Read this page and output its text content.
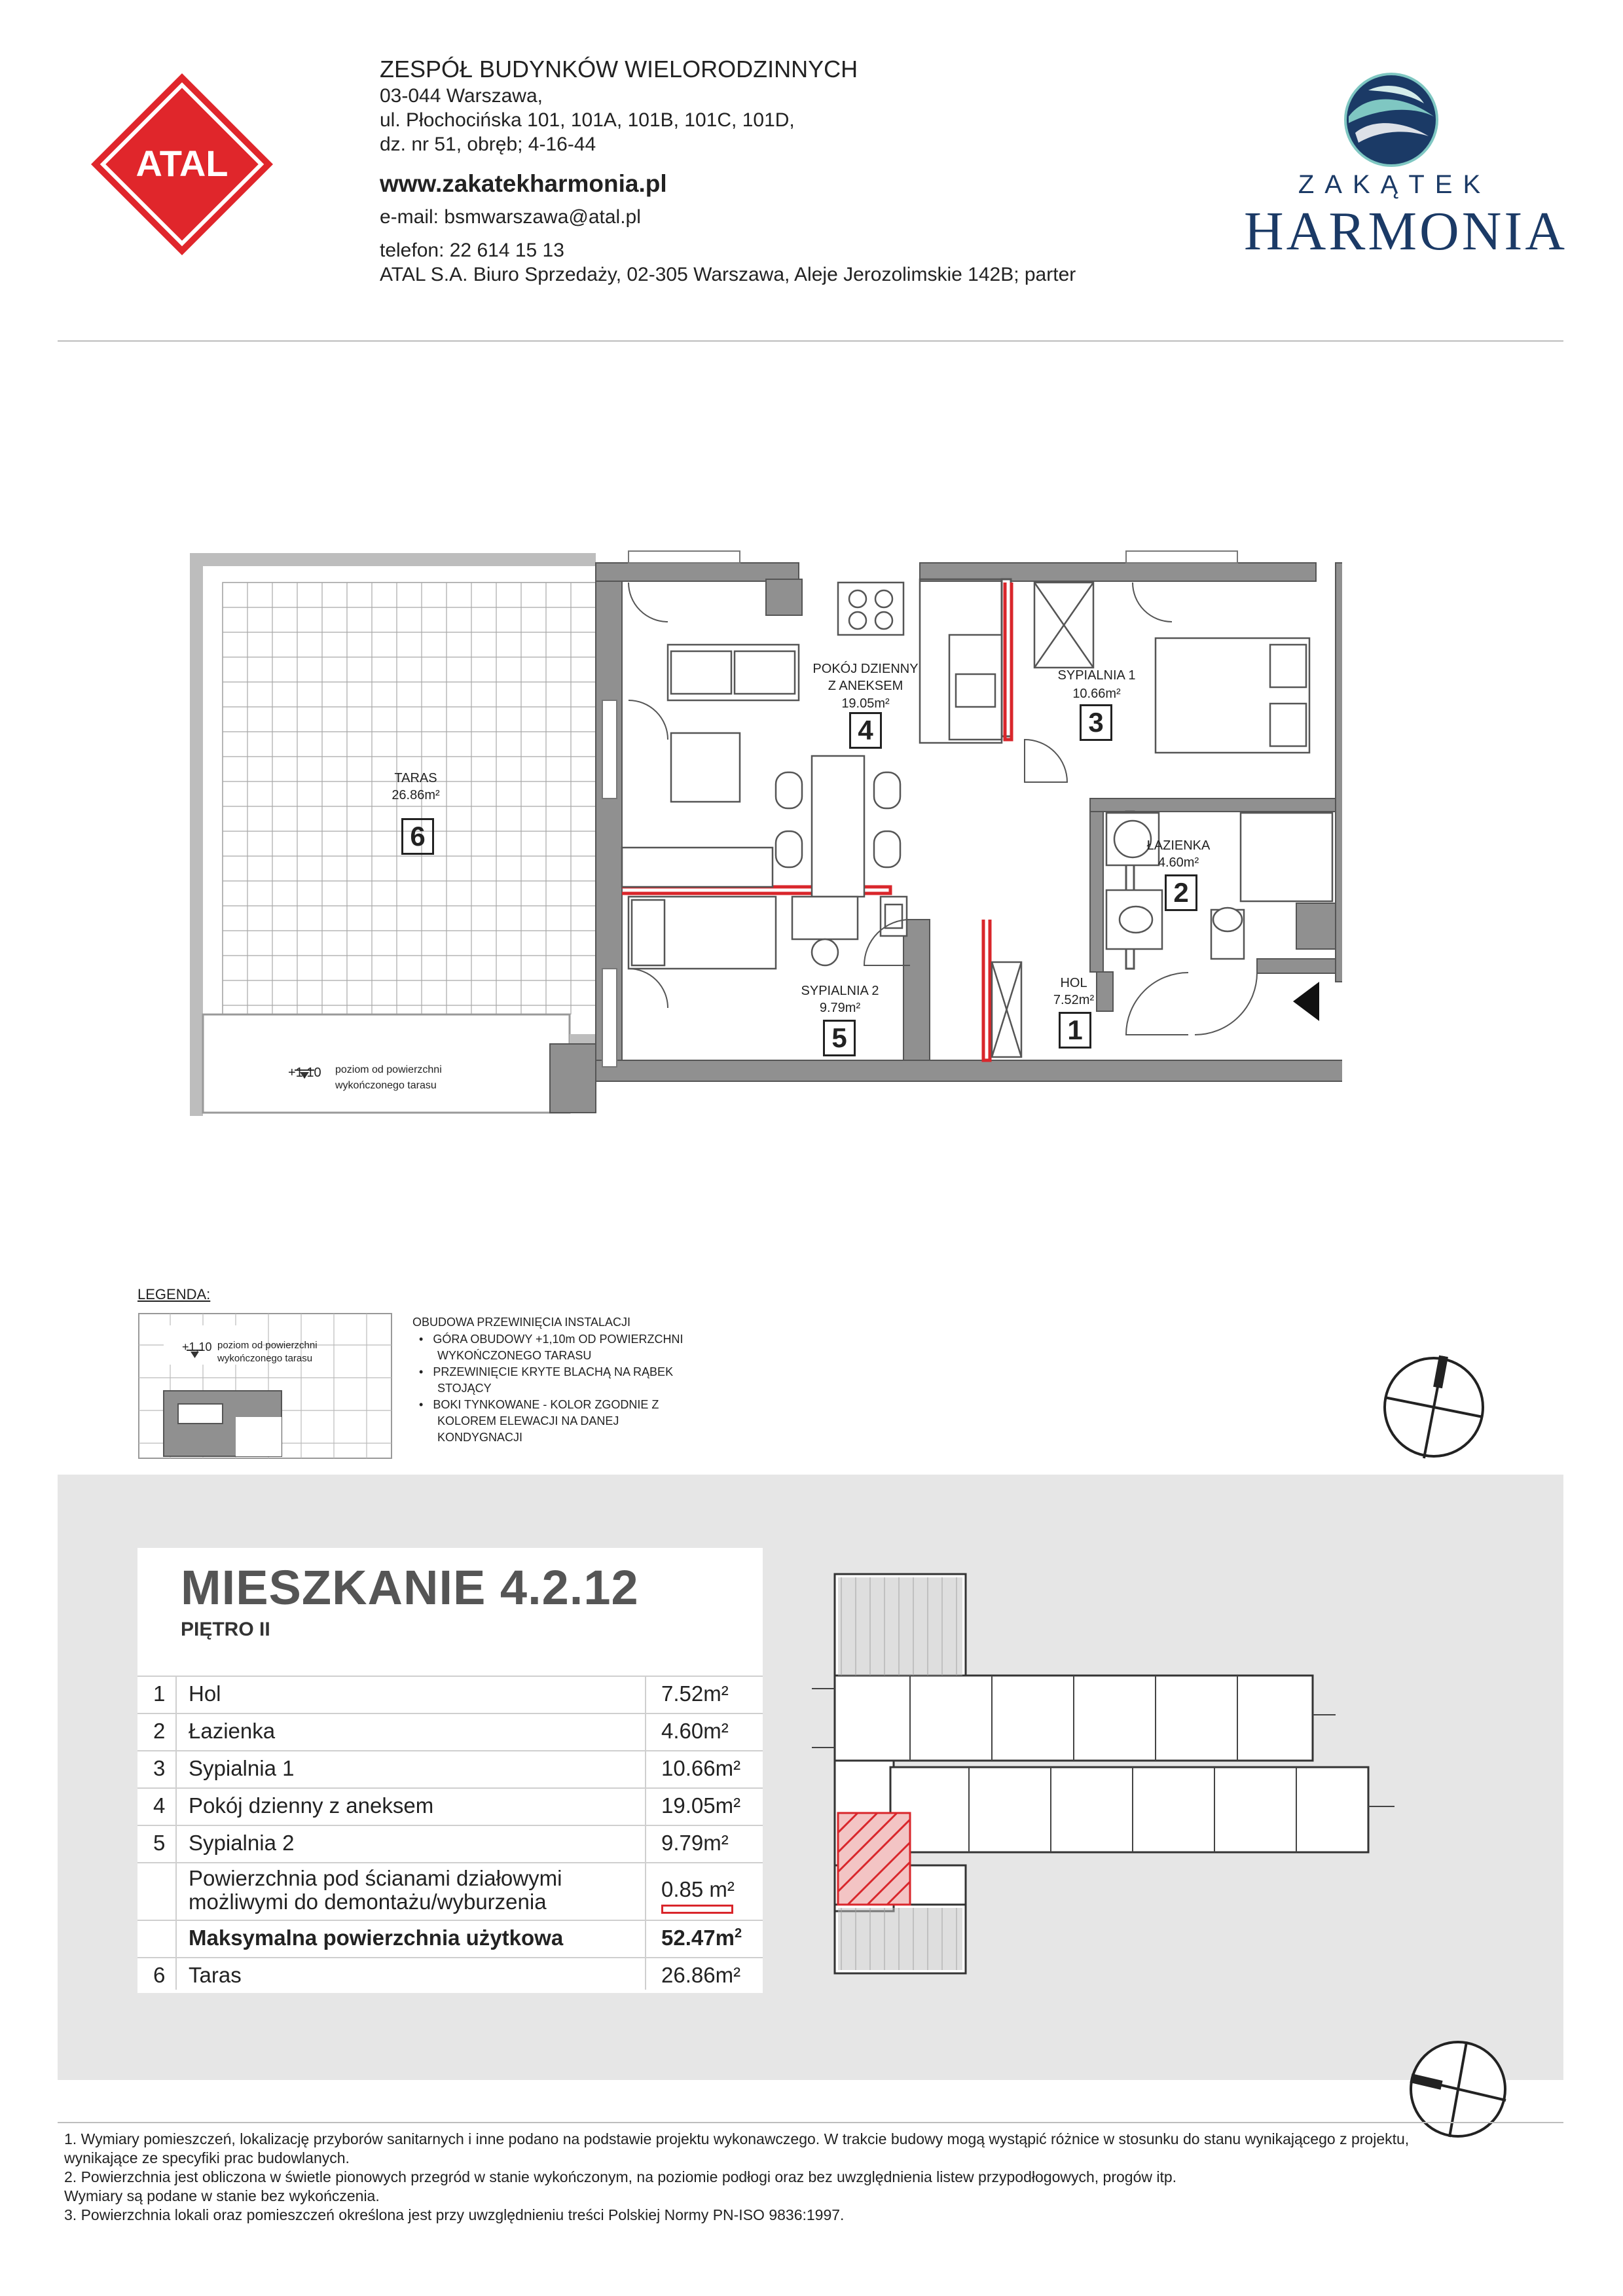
ATAL
ZESPÓŁ BUDYNKÓW WIELORODZINNYCH
03-044 Warszawa,
ul. Płochocińska 101, 101A, 101B, 101C, 101D,
dz. nr 51, obręb; 4-16-44
www.zakatekharmonia.pl
e-mail: bsmwarszawa@atal.pl
telefon: 22 614 15 13
ATAL S.A. Biuro Sprzedaży, 02-305 Warszawa, Aleje Jerozolimskie 142B; parter
ZAKĄTEK
HARMONIA
POKÓJ DZIENNY
Z ANEKSEM
19.05m²
4
SYPIALNIA 1
10.66m²
3
ŁAZIENKA
4.60m²
2
SYPIALNIA 2
9.79m²
5
HOL
7.52m²
1
TARAS
26.86m²
6
+1,10 poziom od powierzchni
wykończonego tarasu
LEGENDA:
+1,10 poziom od powierzchni
wykończonego tarasu
OBUDOWA PRZEWINIĘCIA INSTALACJI
•   GÓRA OBUDOWY +1,10m OD POWIERZCHNI
WYKOŃCZONEGO TARASU
•   PRZEWINIĘCIE KRYTE BLACHĄ NA RĄBEK
STOJĄCY
•   BOKI TYNKOWANE - KOLOR ZGODNIE Z
KOLOREM ELEWACJI NA DANEJ
KONDYGNACJI
MIESZKANIE 4.2.12
PIĘTRO II
1 Hol	7.52m²
2 Łazienka	4.60m²
3 Sypialnia 1	10.66m²
4 Pokój dzienny z aneksem	19.05m²
5 Sypialnia 2	9.79m²
Powierzchnia pod ścianami działowymi
możliwymi do demontażu/wyburzenia
0.85 m²
Maksymalna powierzchnia użytkowa	$52.47m^2$
6 Taras	26.86m²
1. Wymiary pomieszczeń, lokalizację przyborów sanitarnych i inne podano na podstawie projektu wykonawczego. W trakcie budowy mogą wystąpić różnice w stosunku do stanu wynikającego z projektu,
wynikające ze specyfiki prac budowlanych.
2. Powierzchnia jest obliczona w świetle pionowych przegród w stanie wykończonym, na poziomie podłogi oraz bez uwzględnienia listew przypodłogowych, progów itp.
Wymiary są podane w stanie bez wykończenia.
3. Powierzchnia lokali oraz pomieszczeń określona jest przy uwzględnieniu treści Polskiej Normy PN-ISO 9836:1997.
